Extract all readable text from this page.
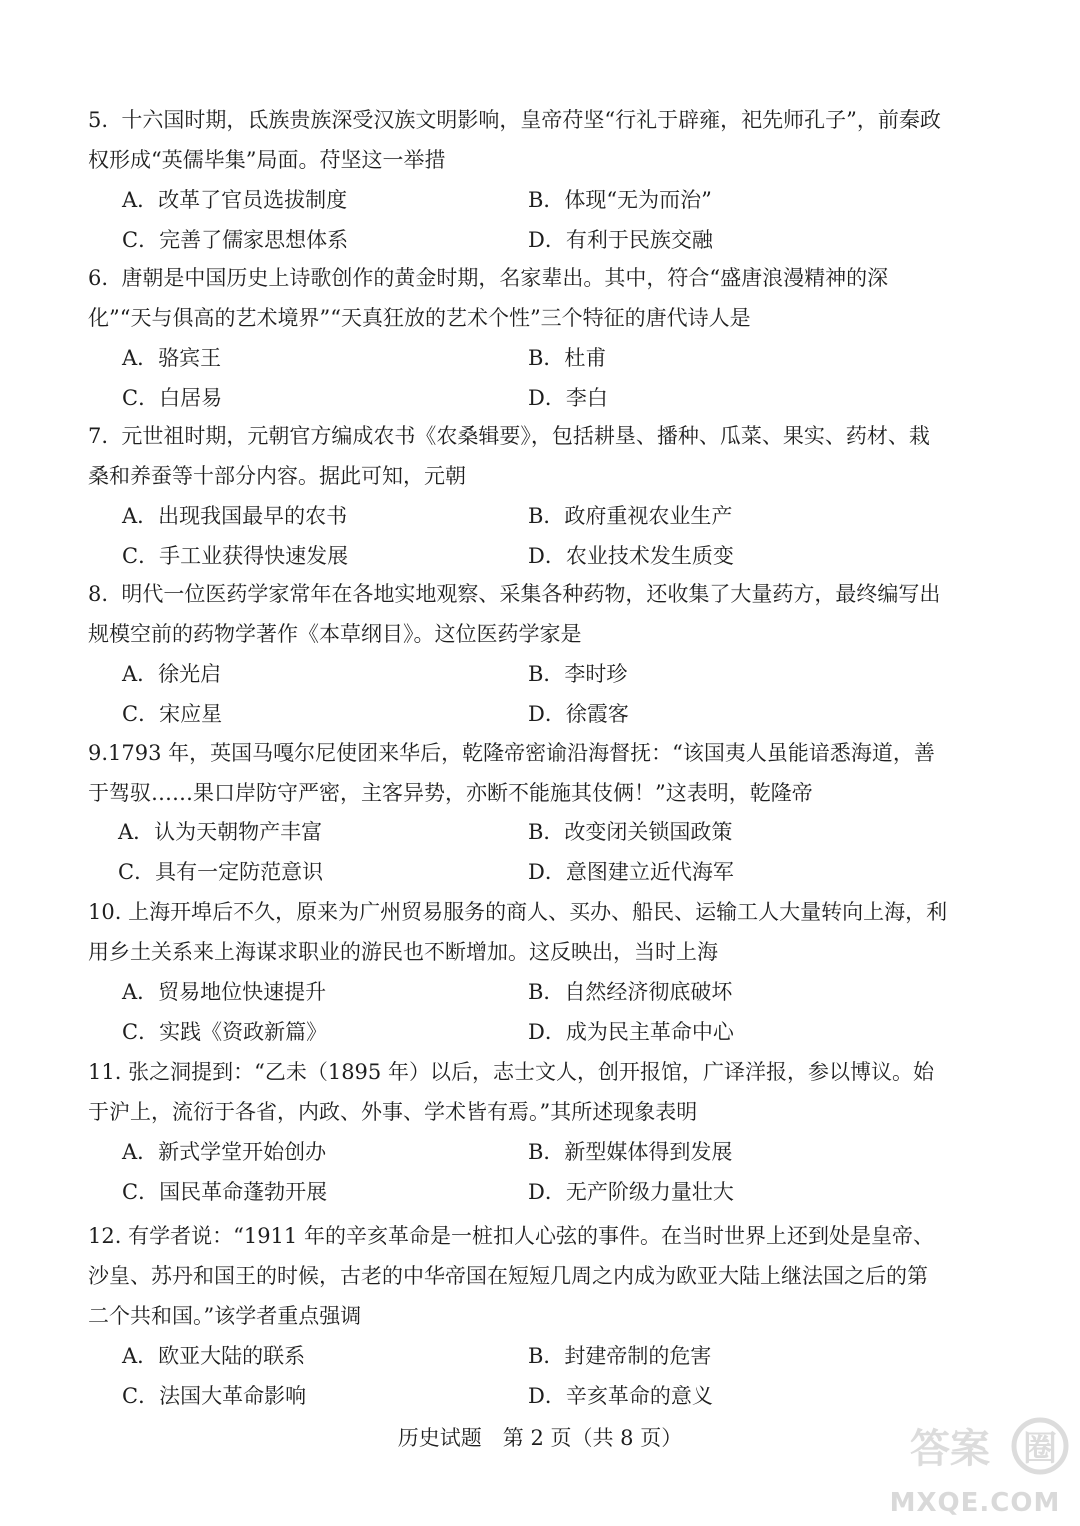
5. 十六国时期，氐族贵族深受汉族文明影响，皇帝苻坚“行礼于辟雍，祀先师孔子”，前秦政权形成“英儒毕集”局面。苻坚这一举措

A．改革了官员选拔制度	B．体现“无为而治”
C．完善了儒家思想体系	D．有利于民族交融

6. 唐朝是中国历史上诗歌创作的黄金时期，名家辈出。其中，符合“盛唐浪漫精神的深化”“天与俱高的艺术境界”“天真狂放的艺术个性”三个特征的唐代诗人是

A．骆宾王	B．杜甫
C．白居易	D．李白

7. 元世祖时期，元朝官方编成农书《农桑辑要》，包括耕垦、播种、瓜菜、果实、药材、栽桑和养蚕等十部分内容。据此可知，元朝

A．出现我国最早的农书	B．政府重视农业生产
C．手工业获得快速发展	D．农业技术发生质变

8. 明代一位医药学家常年在各地实地观察、采集各种药物，还收集了大量药方，最终编写出规模空前的药物学著作《本草纲目》。这位医药学家是

A．徐光启	B．李时珍
C．宋应星	D．徐霞客

9.1793 年，英国马嘎尔尼使团来华后，乾隆帝密谕沿海督抚：“该国夷人虽能谙悉海道，善于驾驭……果口岸防守严密，主客异势，亦断不能施其伎俩！”这表明，乾隆帝

A．认为天朝物产丰富	B．改变闭关锁国政策
C．具有一定防范意识	D．意图建立近代海军

10. 上海开埠后不久，原来为广州贸易服务的商人、买办、船民、运输工人大量转向上海，利用乡土关系来上海谋求职业的游民也不断增加。这反映出，当时上海

A．贸易地位快速提升	B．自然经济彻底破坏
C．实践《资政新篇》	D．成为民主革命中心

11. 张之洞提到：“乙未（1895 年）以后，志士文人，创开报馆，广译洋报，参以博议。始于沪上，流衍于各省，内政、外事、学术皆有焉。”其所述现象表明

A．新式学堂开始创办	B．新型媒体得到发展
C．国民革命蓬勃开展	D．无产阶级力量壮大

12. 有学者说：“1911 年的辛亥革命是一桩扣人心弦的事件。在当时世界上还到处是皇帝、沙皇、苏丹和国王的时候，古老的中华帝国在短短几周之内成为欧亚大陆上继法国之后的第二个共和国。”该学者重点强调

A．欧亚大陆的联系	B．封建帝制的危害
C．法国大革命影响	D．辛亥革命的意义
历史试题　第 2 页（共 8 页）	答案 圈
MXQE.COM
